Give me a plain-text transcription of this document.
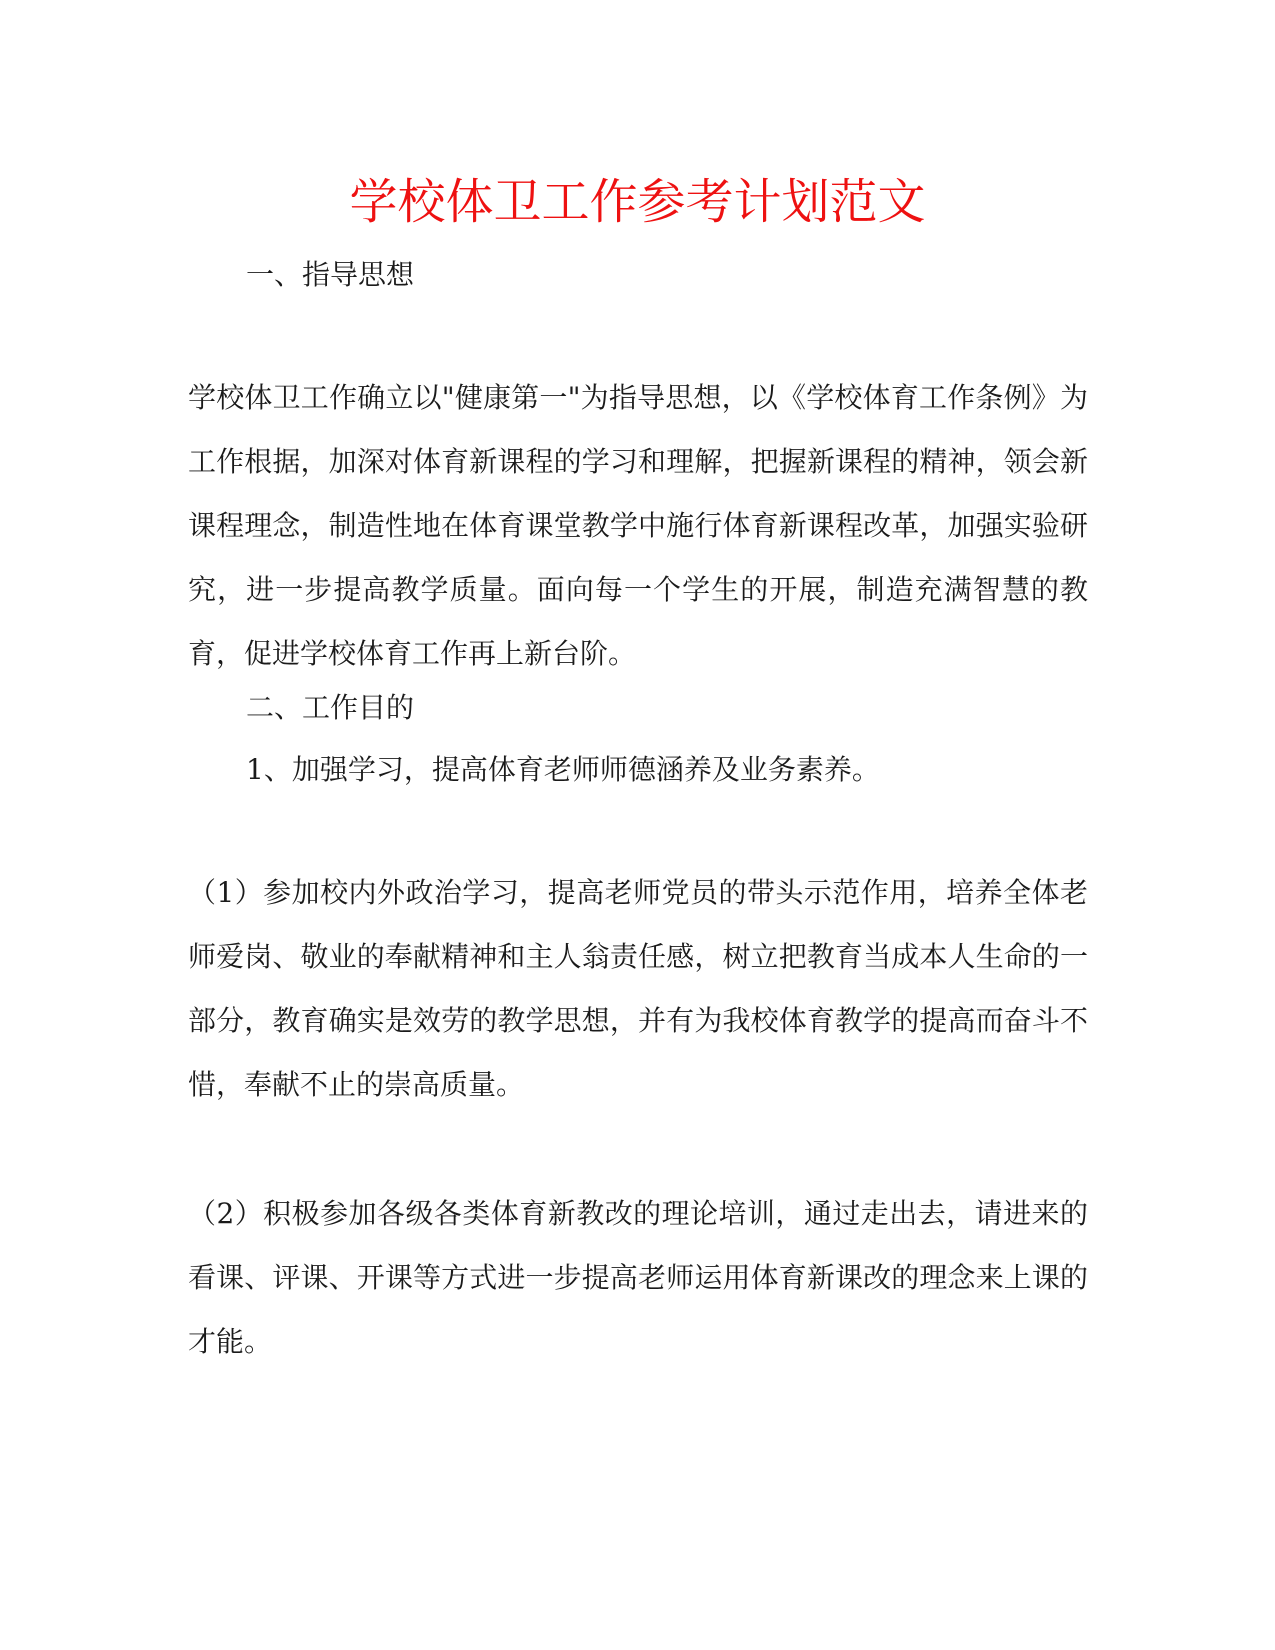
学校体卫工作参考计划范文

一、指导思想

学校体卫工作确立以"健康第一"为指导思想，以《学校体育工作条例》为工作根据，加深对体育新课程的学习和理解，把握新课程的精神，领会新课程理念，制造性地在体育课堂教学中施行体育新课程改革，加强实验研究，进一步提高教学质量。面向每一个学生的开展，制造充满智慧的教育，促进学校体育工作再上新台阶。

二、工作目的

1、加强学习，提高体育老师师德涵养及业务素养。

（1）参加校内外政治学习，提高老师党员的带头示范作用，培养全体老师爱岗、敬业的奉献精神和主人翁责任感，树立把教育当成本人生命的一部分，教育确实是效劳的教学思想，并有为我校体育教学的提高而奋斗不惜，奉献不止的崇高质量。

（2）积极参加各级各类体育新教改的理论培训，通过走出去，请进来的看课、评课、开课等方式进一步提高老师运用体育新课改的理念来上课的才能。
